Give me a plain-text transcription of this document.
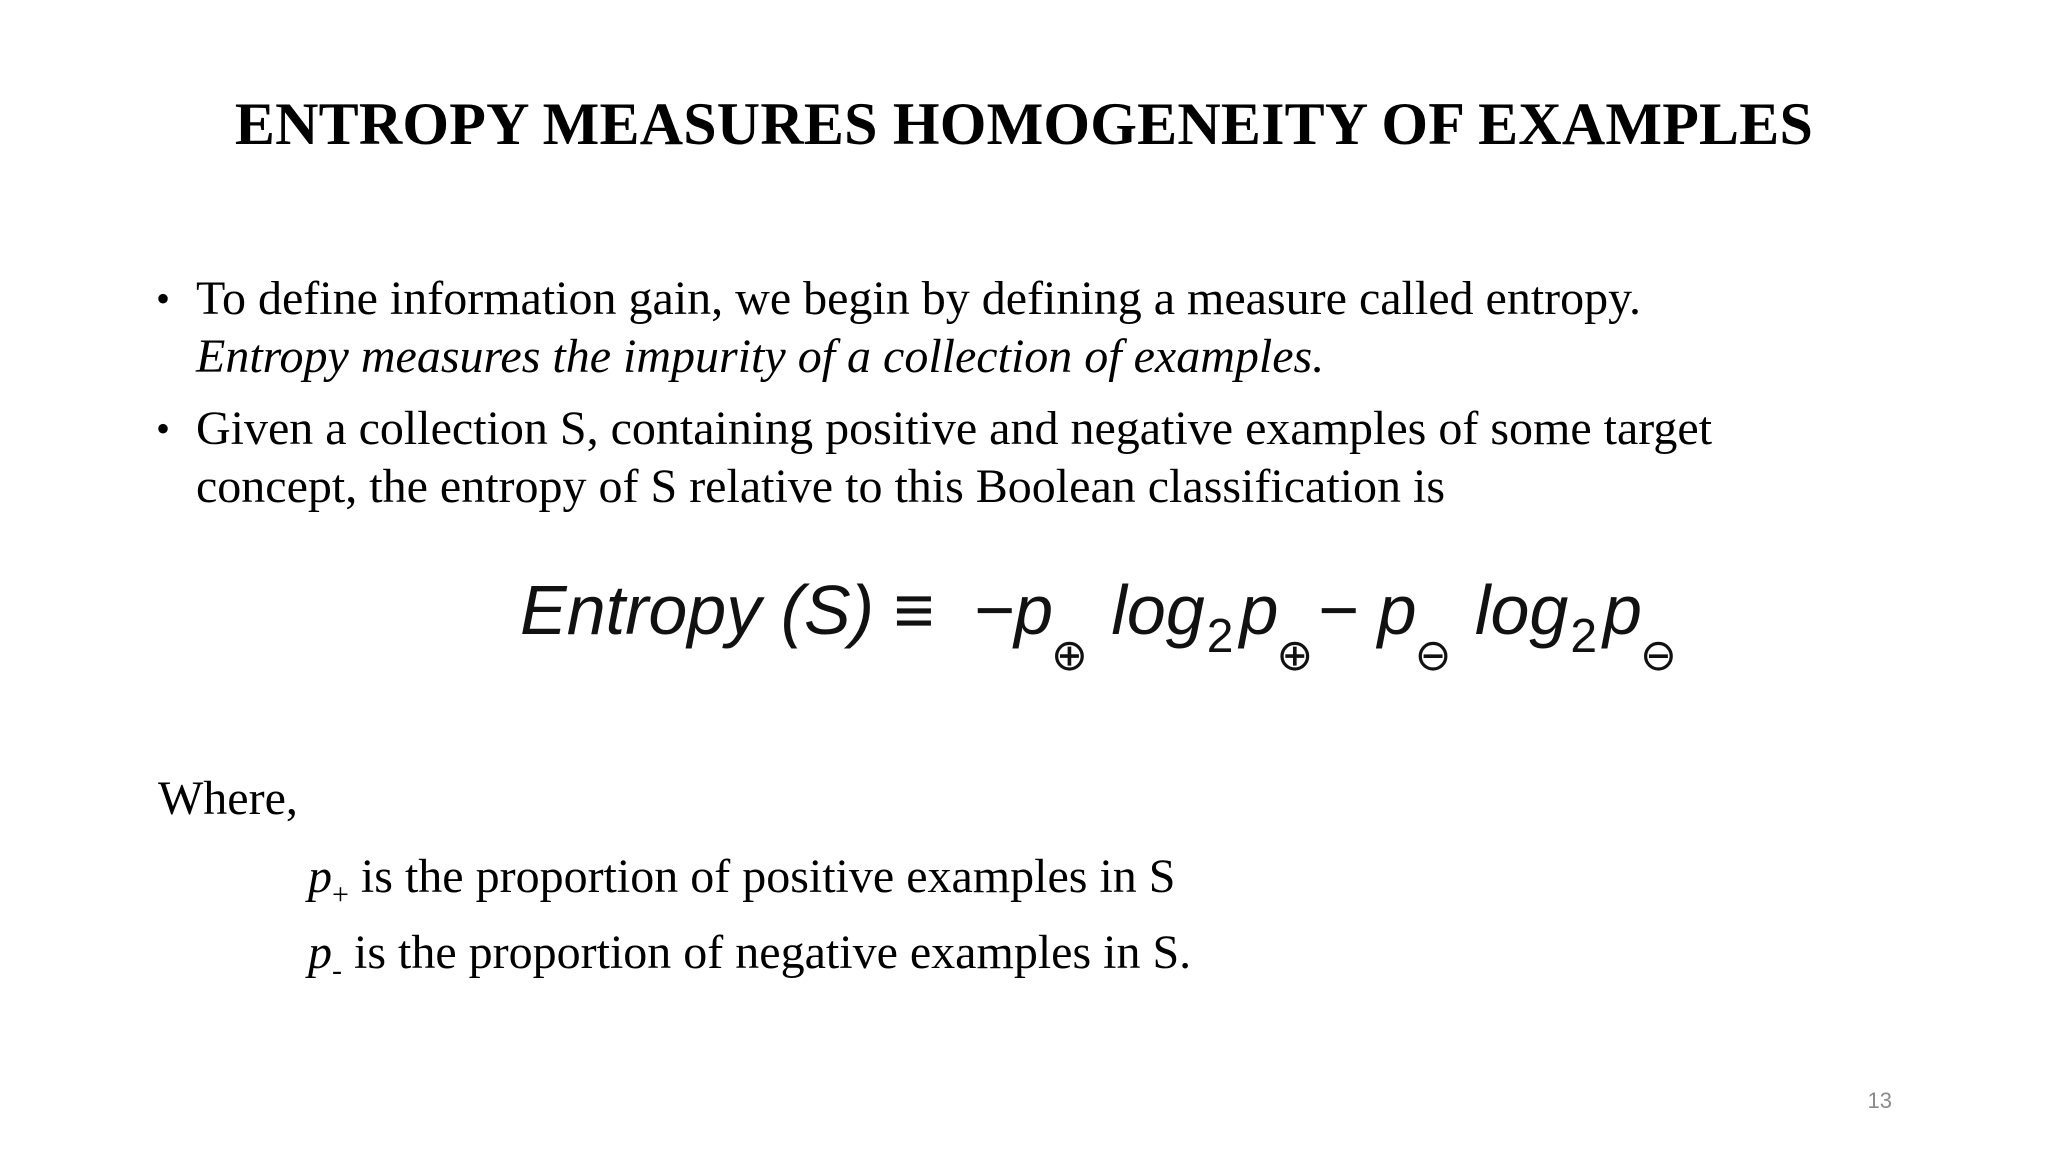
ENTROPY MEASURES HOMOGENEITY OF EXAMPLES
• To define information gain, we begin by defining a measure called entropy.
Entropy measures the impurity of a collection of examples.
• Given a collection S, containing positive and negative examples of some target concept, the entropy of S relative to this Boolean classification is
Entropy $(S) \equiv -p_\oplus$ $\log_2p_\oplus- p_⊖$ $\log_2p_⊖$
Where,
$p_+$ is the proportion of positive examples in S
$p_-$ is the proportion of negative examples in S.
13
